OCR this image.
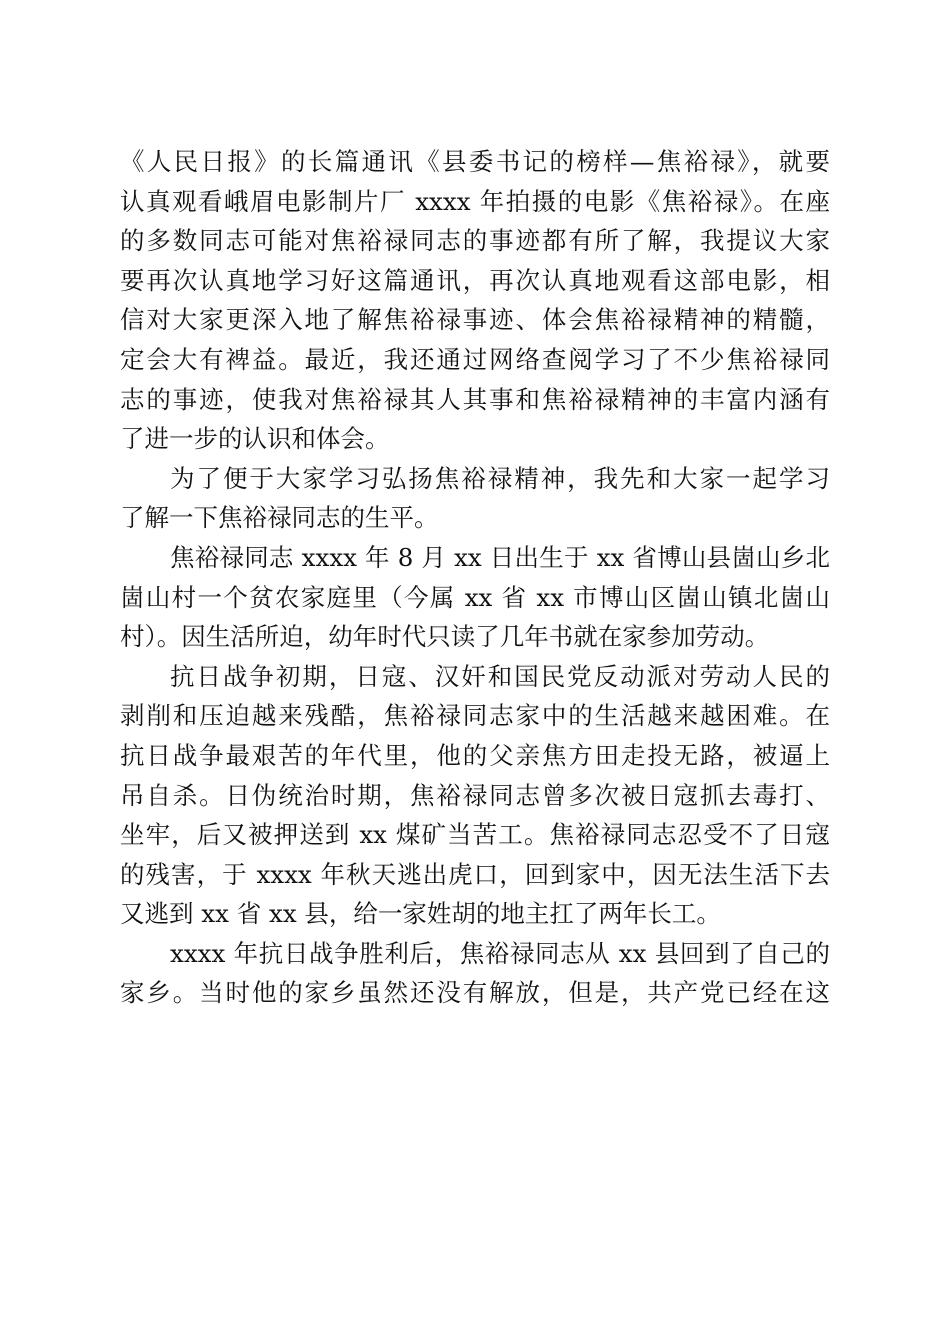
《人民日报》的长篇通讯《县委书记的榜样—焦裕禄》，就要
认真观看峨眉电影制片厂 xxxx 年拍摄的电影《焦裕禄》。在座
的多数同志可能对焦裕禄同志的事迹都有所了解，我提议大家
要再次认真地学习好这篇通讯，再次认真地观看这部电影，相
信对大家更深入地了解焦裕禄事迹、体会焦裕禄精神的精髓，
定会大有裨益。最近，我还通过网络查阅学习了不少焦裕禄同
志的事迹，使我对焦裕禄其人其事和焦裕禄精神的丰富内涵有
了进一步的认识和体会。
为了便于大家学习弘扬焦裕禄精神，我先和大家一起学习
了解一下焦裕禄同志的生平。
焦裕禄同志 xxxx 年 8 月 xx 日出生于 xx 省博山县崮山乡北
崮山村一个贫农家庭里（今属 xx 省 xx 市博山区崮山镇北崮山
村）。因生活所迫，幼年时代只读了几年书就在家参加劳动。
抗日战争初期，日寇、汉奸和国民党反动派对劳动人民的
剥削和压迫越来残酷，焦裕禄同志家中的生活越来越困难。在
抗日战争最艰苦的年代里，他的父亲焦方田走投无路，被逼上
吊自杀。日伪统治时期，焦裕禄同志曾多次被日寇抓去毒打、
坐牢，后又被押送到 xx 煤矿当苦工。焦裕禄同志忍受不了日寇
的残害，于 xxxx 年秋天逃出虎口，回到家中，因无法生活下去
又逃到 xx 省 xx 县，给一家姓胡的地主扛了两年长工。
xxxx 年抗日战争胜利后，焦裕禄同志从 xx 县回到了自己的
家乡。当时他的家乡虽然还没有解放，但是，共产党已经在这
